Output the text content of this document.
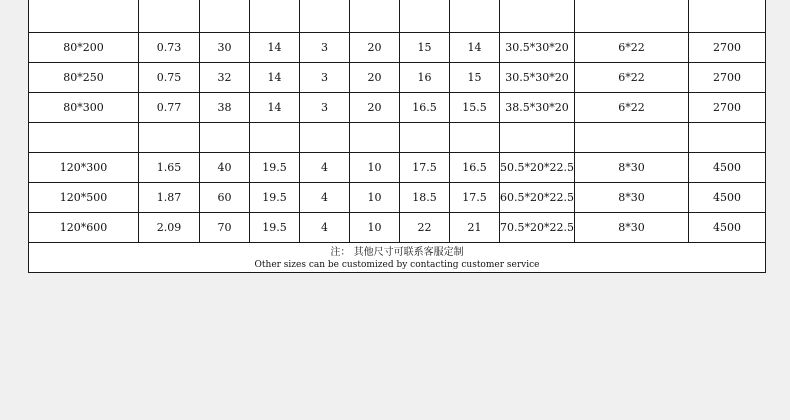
80*200	0.73	30	14	3	20	15	14	30.5*30*20	6*22	2700
80*250	0.75	32	14	3	20	16	15	30.5*30*20	6*22	2700
80*300	0.77	38	14	3	20	16.5	15.5	38.5*30*20	6*22	2700

120*300	1.65	40	19.5	4	10	17.5	16.5	50.5*20*22.5	8*30	4500
120*500	1.87	60	19.5	4	10	18.5	17.5	60.5*20*22.5	8*30	4500
120*600	2.09	70	19.5	4	10	22	21	70.5*20*22.5	8*30	4500

注： 其他尺寸可联系客服定制
Other sizes can be customized by contacting customer service										
